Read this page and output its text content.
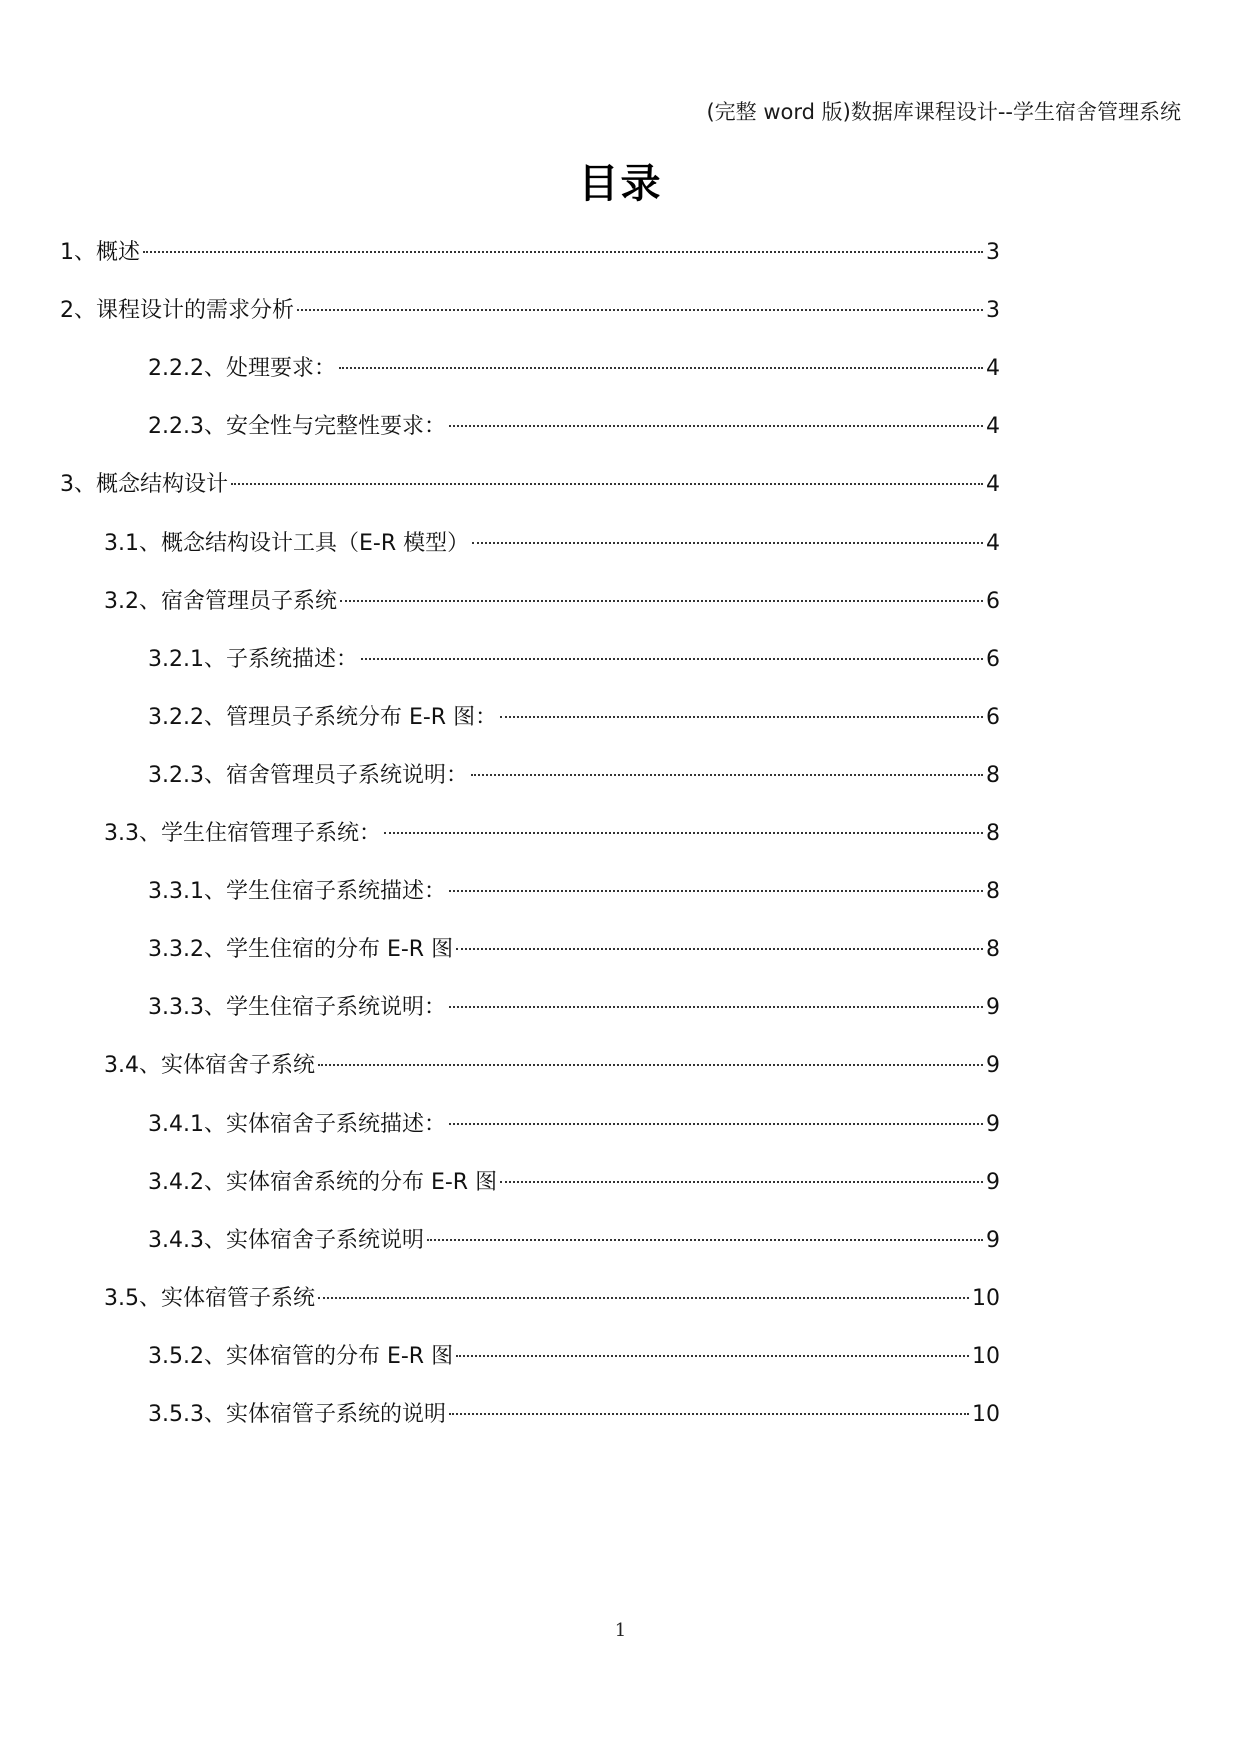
(完整 word 版)数据库课程设计--学生宿舍管理系统
目录
1、概述	3
2、课程设计的需求分析	3
2.2.2、处理要求：	4
2.2.3、安全性与完整性要求：	4
3、概念结构设计	4
3.1、概念结构设计工具（E-R 模型）	4
3.2、宿舍管理员子系统	6
3.2.1、子系统描述：	6
3.2.2、管理员子系统分布 E-R 图：	6
3.2.3、宿舍管理员子系统说明：	8
3.3、学生住宿管理子系统：	8
3.3.1、学生住宿子系统描述：	8
3.3.2、学生住宿的分布 E-R 图	8
3.3.3、学生住宿子系统说明：	9
3.4、实体宿舍子系统	9
3.4.1、实体宿舍子系统描述：	9
3.4.2、实体宿舍系统的分布 E-R 图	9
3.4.3、实体宿舍子系统说明	9
3.5、实体宿管子系统	10
3.5.2、实体宿管的分布 E-R 图	10
3.5.3、实体宿管子系统的说明	10
1
